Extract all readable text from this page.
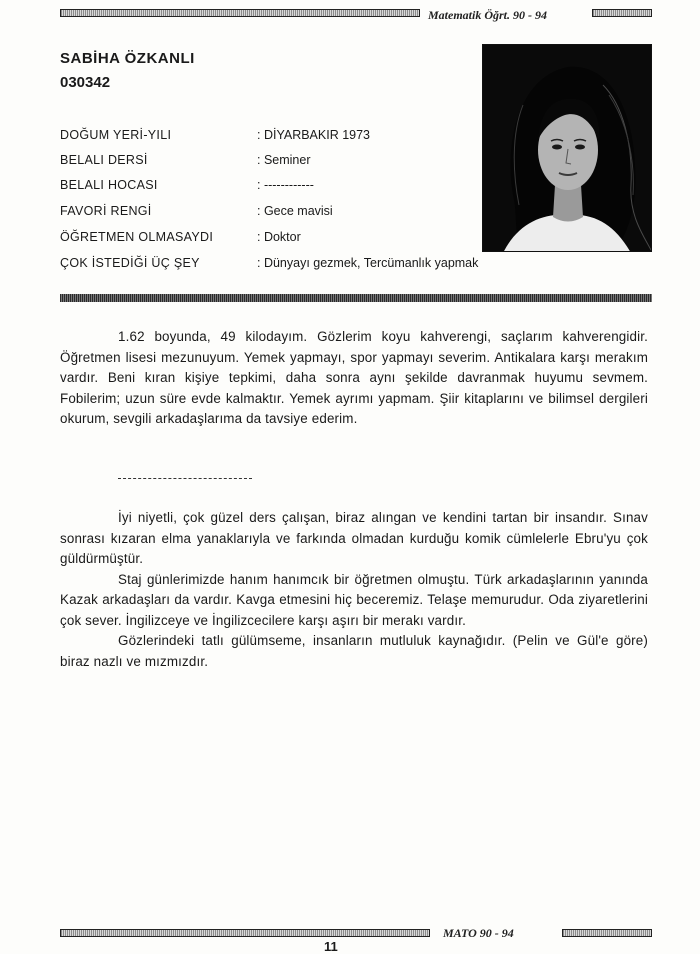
Matematik Öğrt. 90 - 94
SABİHA ÖZKANLI
030342
DOĞUM YERİ-YILI	: DİYARBAKIR 1973
BELALI DERSİ	: Seminer
BELALI HOCASI	: ------------
FAVORİ RENGİ	: Gece mavisi
ÖĞRETMEN OLMASAYDI	: Doktor
ÇOK İSTEDİĞİ ÜÇ ŞEY	: Dünyayı gezmek, Tercümanlık yapmak

1.62 boyunda, 49 kilodayım. Gözlerim koyu kahverengi, saçlarım kahverengidir. Öğretmen lisesi mezunuyum. Yemek yapmayı, spor yapmayı severim. Antikalara karşı merakım vardır. Beni kıran kişiye tepkimi, daha sonra aynı şekilde davranmak huyumu sevmem. Fobilerim; uzun süre evde kalmaktır. Yemek ayrımı yapmam. Şiir kitaplarını ve bilimsel dergileri okurum, sevgili arkadaşlarıma da tavsiye ederim.

İyi niyetli, çok güzel ders çalışan, biraz alıngan ve kendini tartan bir insandır. Sınav sonrası kızaran elma yanaklarıyla ve farkında olmadan kurduğu komik cümlelerle Ebru'yu çok güldürmüştür.

Staj günlerimizde hanım hanımcık bir öğretmen olmuştu. Türk arkadaşlarının yanında Kazak arkadaşları da vardır. Kavga etmesini hiç beceremiz. Telaşe memurudur. Oda ziyaretlerini çok sever. İngilizceye ve İngilizcecilere karşı aşırı bir merakı vardır.

Gözlerindeki tatlı gülümseme, insanların mutluluk kaynağıdır. (Pelin ve Gül'e göre) biraz nazlı ve mızmızdır.

MATO 90 - 94
11
